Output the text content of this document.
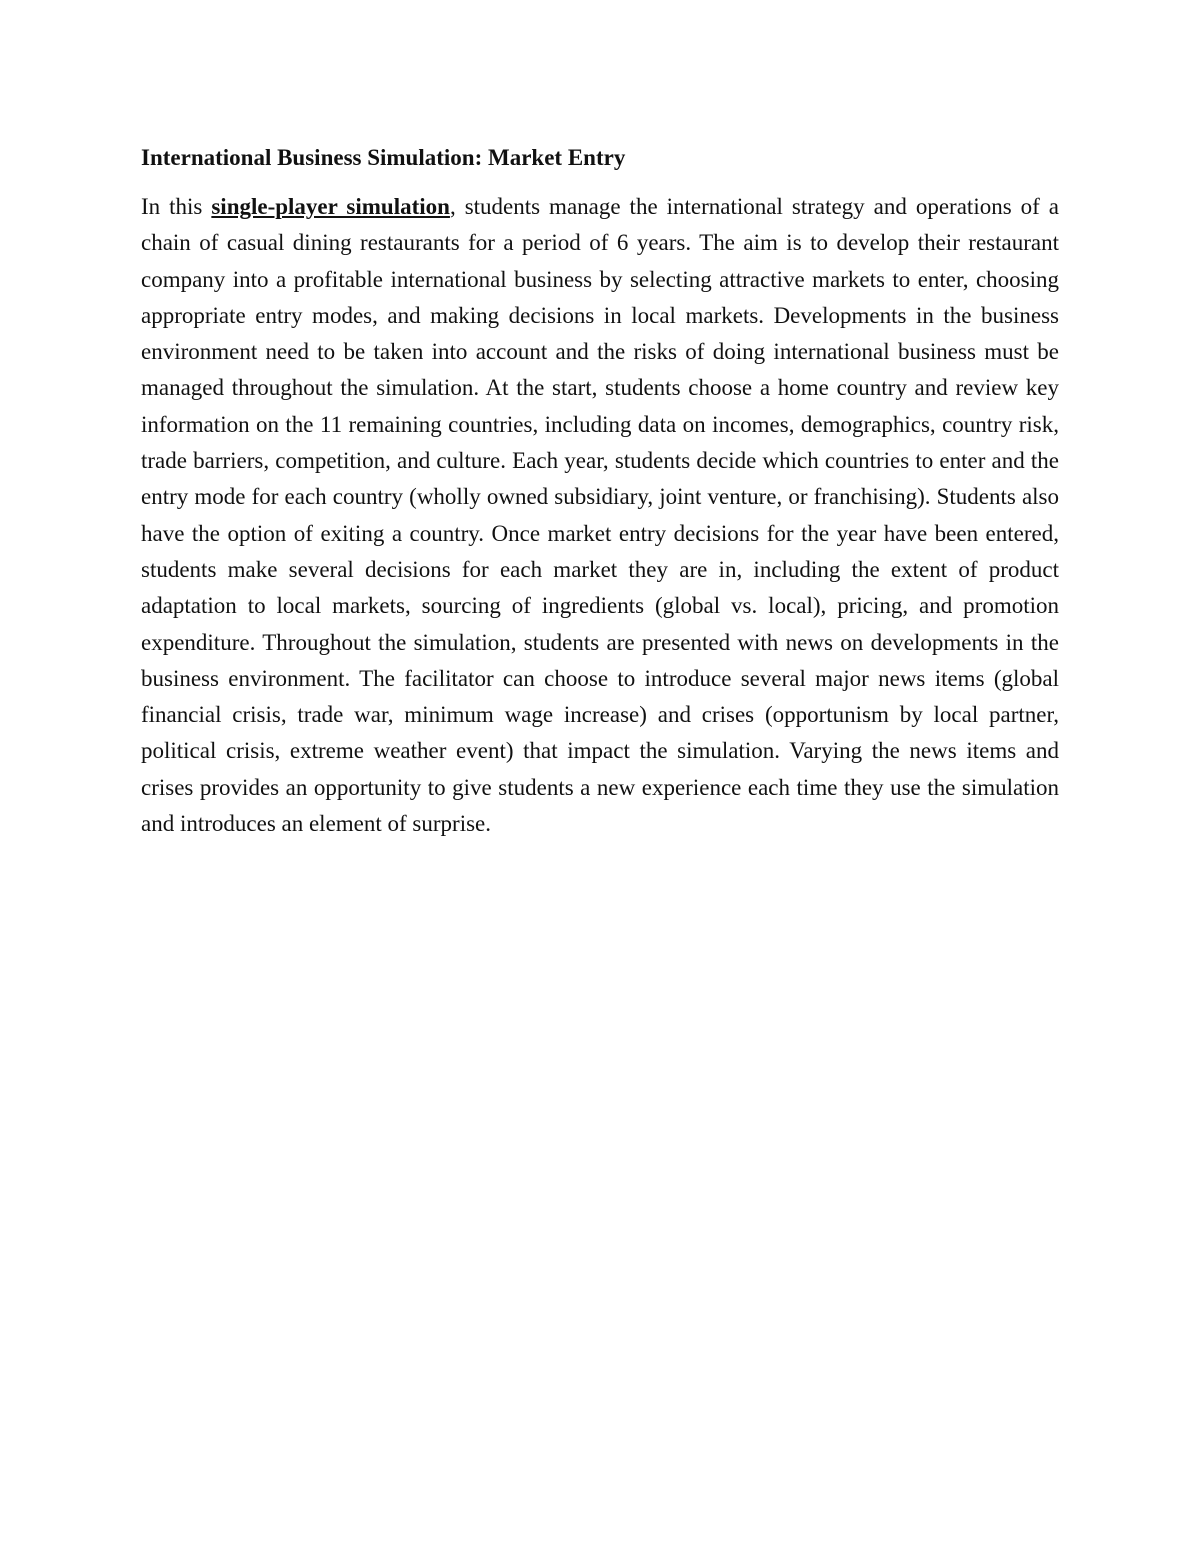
International Business Simulation: Market Entry

In this single-player simulation, students manage the international strategy and operations of a chain of casual dining restaurants for a period of 6 years. The aim is to develop their restaurant company into a profitable international business by selecting attractive markets to enter, choosing appropriate entry modes, and making decisions in local markets. Developments in the business environment need to be taken into account and the risks of doing international business must be managed throughout the simulation. At the start, students choose a home country and review key information on the 11 remaining countries, including data on incomes, demographics, country risk, trade barriers, competition, and culture. Each year, students decide which countries to enter and the entry mode for each country (wholly owned subsidiary, joint venture, or franchising). Students also have the option of exiting a country. Once market entry decisions for the year have been entered, students make several decisions for each market they are in, including the extent of product adaptation to local markets, sourcing of ingredients (global vs. local), pricing, and promotion expenditure. Throughout the simulation, students are presented with news on developments in the business environment. The facilitator can choose to introduce several major news items (global financial crisis, trade war, minimum wage increase) and crises (opportunism by local partner, political crisis, extreme weather event) that impact the simulation. Varying the news items and crises provides an opportunity to give students a new experience each time they use the simulation and introduces an element of surprise.
